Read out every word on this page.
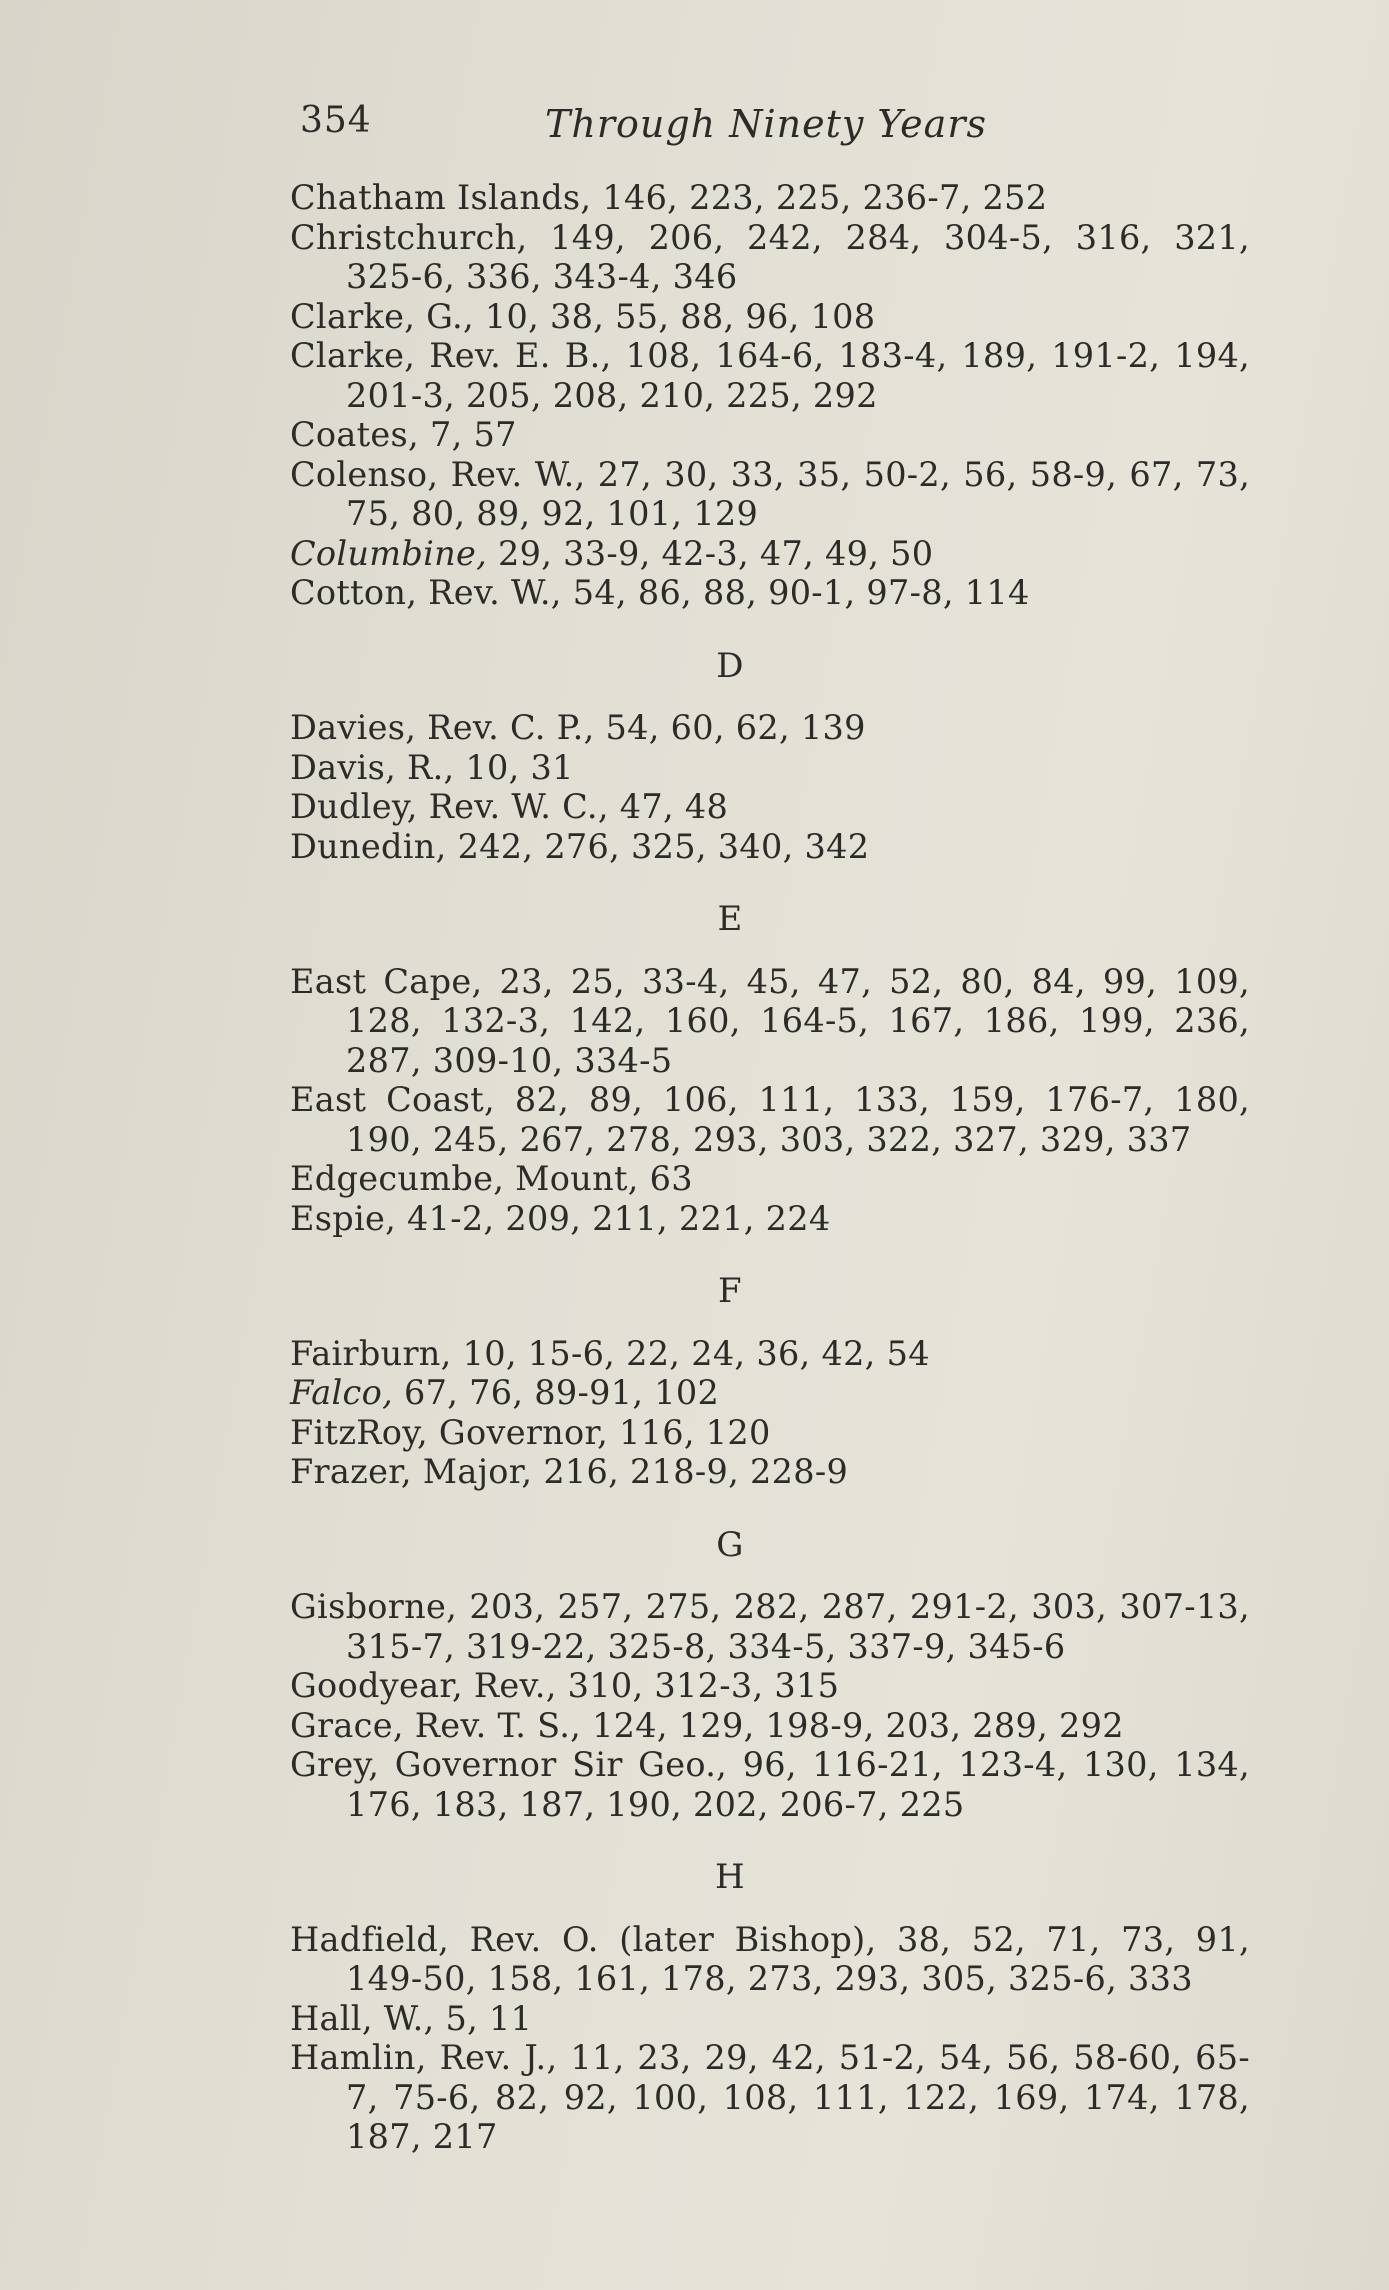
354	Through Ninety Years

Chatham Islands, 146, 223, 225, 236-7, 252

Christchurch, 149, 206, 242, 284, 304-5, 316, 321, 325-6, 336, 343-4, 346

Clarke, G., 10, 38, 55, 88, 96, 108

Clarke, Rev. E. B., 108, 164-6, 183-4, 189, 191-2, 194, 201-3, 205, 208, 210, 225, 292

Coates, 7, 57

Colenso, Rev. W., 27, 30, 33, 35, 50-2, 56, 58-9, 67, 73, 75, 80, 89, 92, 101, 129

Columbine, 29, 33-9, 42-3, 47, 49, 50

Cotton, Rev. W., 54, 86, 88, 90-1, 97-8, 114

D

Davies, Rev. C. P., 54, 60, 62, 139

Davis, R., 10, 31

Dudley, Rev. W. C., 47, 48

Dunedin, 242, 276, 325, 340, 342

E

East Cape, 23, 25, 33-4, 45, 47, 52, 80, 84, 99, 109, 128, 132-3, 142, 160, 164-5, 167, 186, 199, 236, 287, 309-10, 334-5

East Coast, 82, 89, 106, 111, 133, 159, 176-7, 180, 190, 245, 267, 278, 293, 303, 322, 327, 329, 337

Edgecumbe, Mount, 63

Espie, 41-2, 209, 211, 221, 224

F

Fairburn, 10, 15-6, 22, 24, 36, 42, 54

Falco, 67, 76, 89-91, 102

FitzRoy, Governor, 116, 120

Frazer, Major, 216, 218-9, 228-9

G

Gisborne, 203, 257, 275, 282, 287, 291-2, 303, 307-13, 315-7, 319-22, 325-8, 334-5, 337-9, 345-6

Goodyear, Rev., 310, 312-3, 315

Grace, Rev. T. S., 124, 129, 198-9, 203, 289, 292

Grey, Governor Sir Geo., 96, 116-21, 123-4, 130, 134, 176, 183, 187, 190, 202, 206-7, 225

H

Hadfield, Rev. O. (later Bishop), 38, 52, 71, 73, 91, 149-50, 158, 161, 178, 273, 293, 305, 325-6, 333

Hall, W., 5, 11

Hamlin, Rev. J., 11, 23, 29, 42, 51-2, 54, 56, 58-60, 65-7, 75-6, 82, 92, 100, 108, 111, 122, 169, 174, 178, 187, 217
